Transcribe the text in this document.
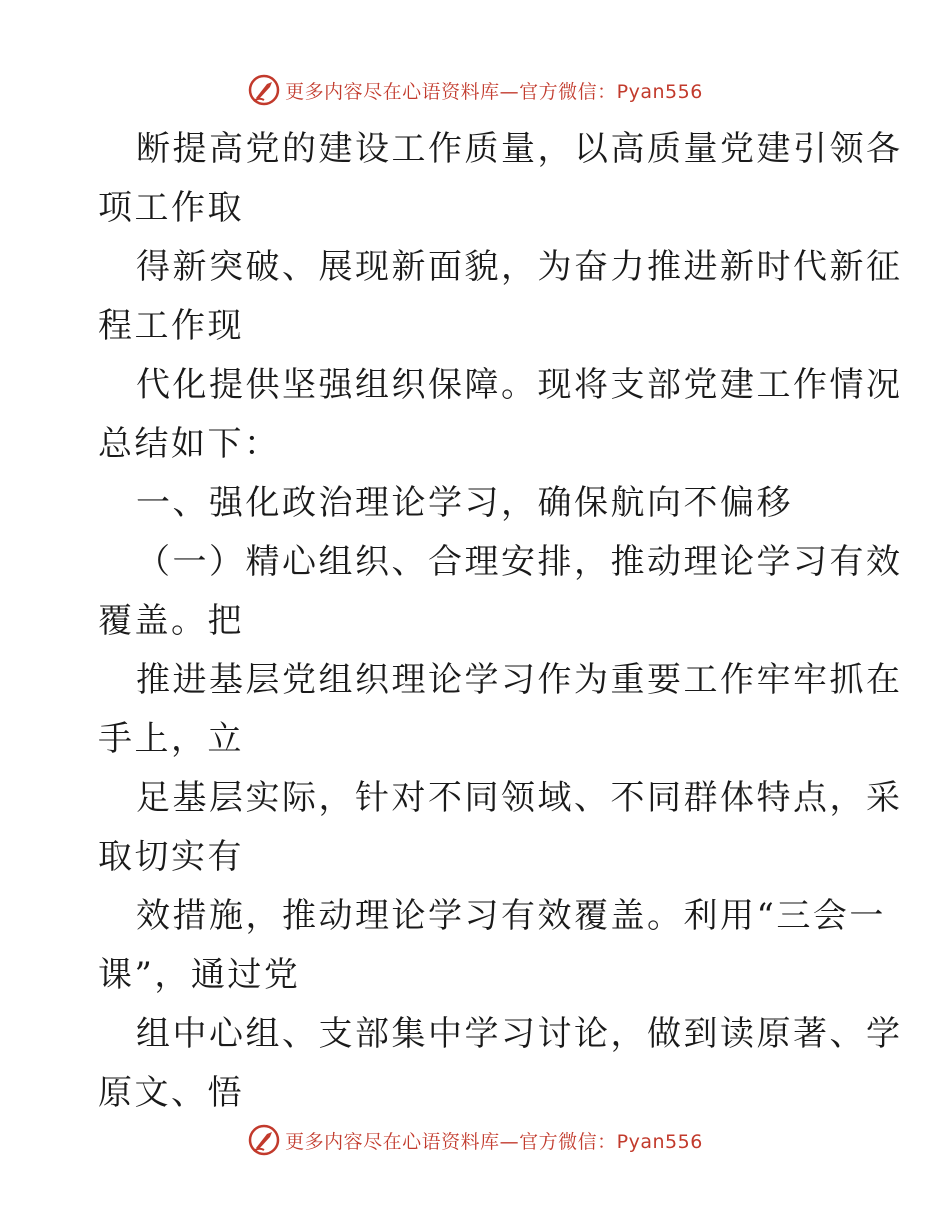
更多内容尽在心语资料库—官方微信：Pyan556

断提高党的建设工作质量，以高质量党建引领各
项工作取

得新突破、展现新面貌，为奋力推进新时代新征
程工作现

代化提供坚强组织保障。现将支部党建工作情况
总结如下：

一、强化政治理论学习，确保航向不偏移

（一）精心组织、合理安排，推动理论学习有效
覆盖。把

推进基层党组织理论学习作为重要工作牢牢抓在
手上，立

足基层实际，针对不同领域、不同群体特点，采
取切实有

效措施，推动理论学习有效覆盖。利用“三会一
课”，通过党

组中心组、支部集中学习讨论，做到读原著、学
原文、悟

更多内容尽在心语资料库—官方微信：Pyan556
